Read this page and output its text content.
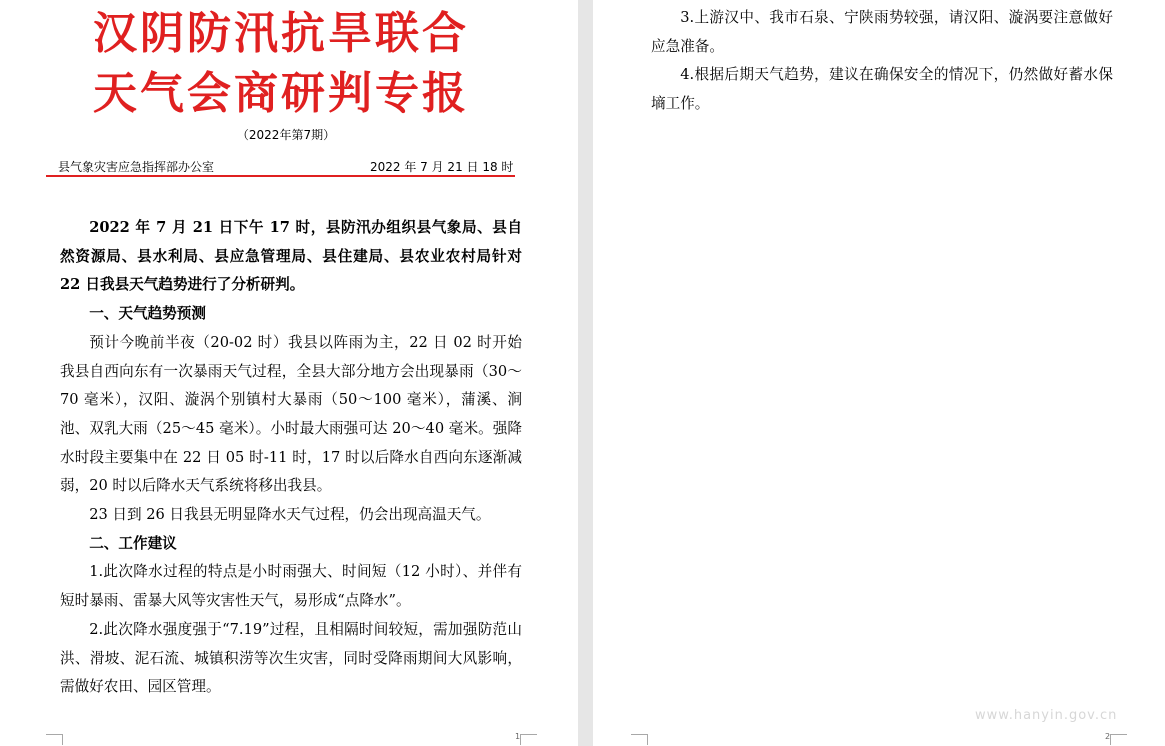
1	2
汉阴防汛抗旱联合
天气会商研判专报
（2022年第7期）
县气象灾害应急指挥部办公室	2022 年 7 月 21 日 18 时

2022 年 7 月 21 日下午 17 时，县防汛办组织县气象局、县自然资源局、县水利局、县应急管理局、县住建局、县农业农村局针对 22 日我县天气趋势进行了分析研判。

一、天气趋势预测

预计今晚前半夜（20-02 时）我县以阵雨为主，22 日 02 时开始我县自西向东有一次暴雨天气过程，全县大部分地方会出现暴雨（30～70 毫米），汉阳、漩涡个别镇村大暴雨（50～100 毫米），蒲溪、涧池、双乳大雨（25～45 毫米）。小时最大雨强可达 20～40 毫米。强降水时段主要集中在 22 日 05 时-11 时，17 时以后降水自西向东逐渐减弱，20 时以后降水天气系统将移出我县。

23 日到 26 日我县无明显降水天气过程，仍会出现高温天气。

二、工作建议

1.此次降水过程的特点是小时雨强大、时间短（12 小时）、并伴有短时暴雨、雷暴大风等灾害性天气，易形成“点降水”。

2.此次降水强度强于“7.19”过程，且相隔时间较短，需加强防范山洪、滑坡、泥石流、城镇积涝等次生灾害，同时受降雨期间大风影响，需做好农田、园区管理。

3.上游汉中、我市石泉、宁陕雨势较强，请汉阳、漩涡要注意做好应急准备。

4.根据后期天气趋势，建议在确保安全的情况下，仍然做好蓄水保墒工作。

www.hanyin.gov.cn
